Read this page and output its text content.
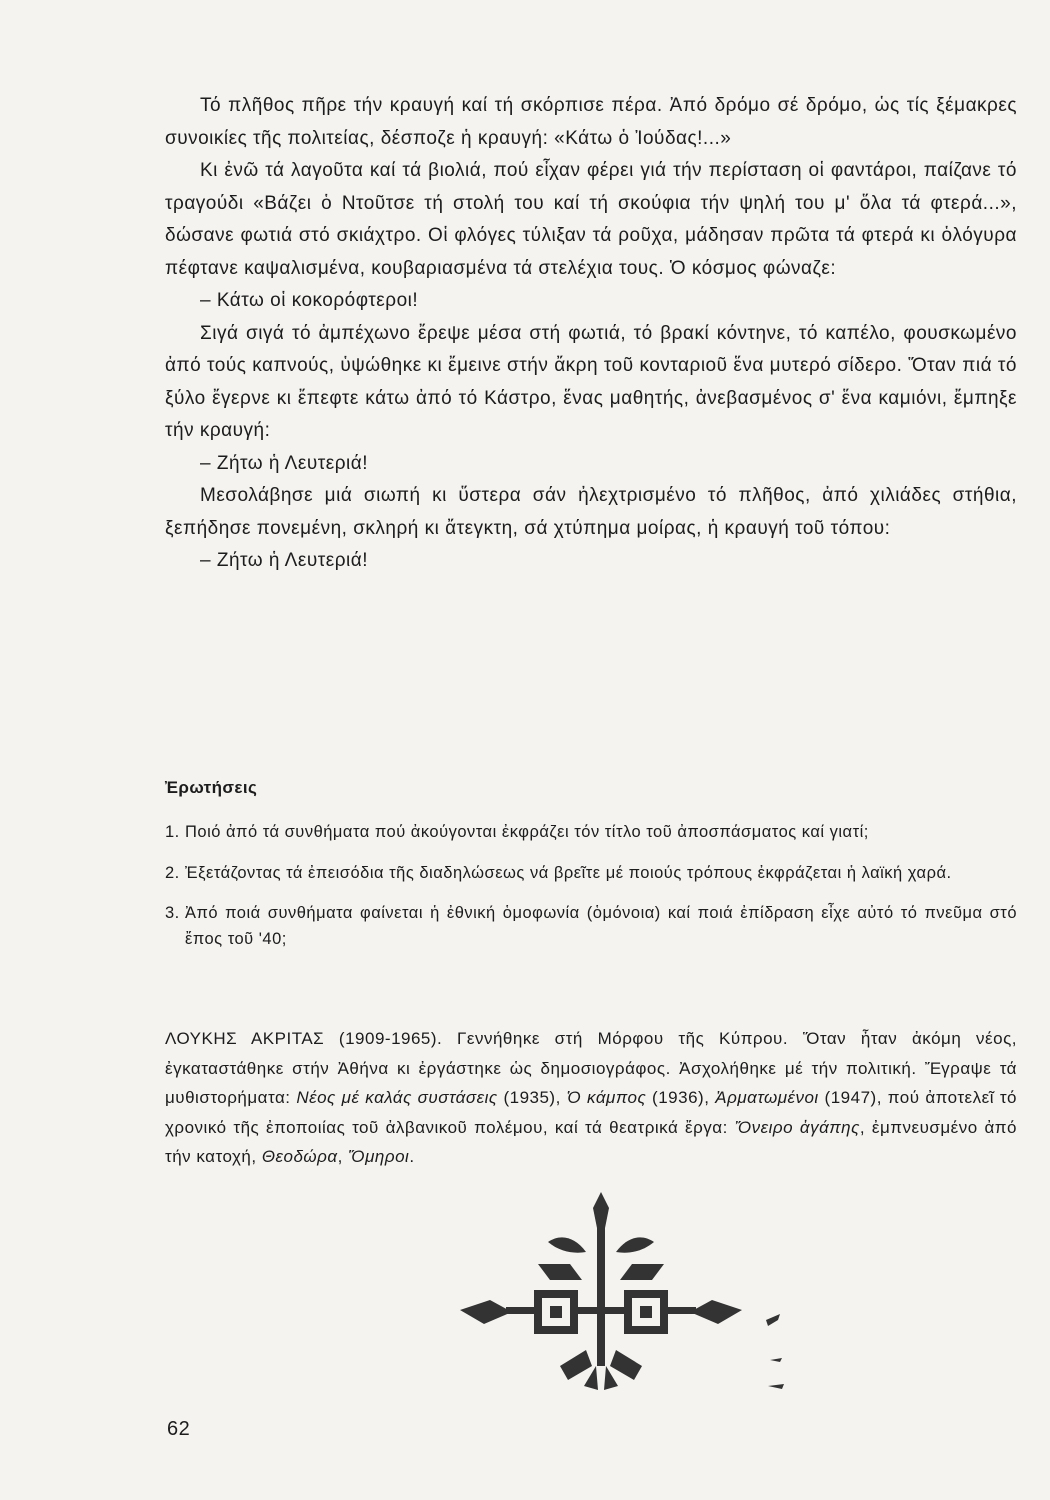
Τό πλῆθος πῆρε τήν κραυγή καί τή σκόρπισε πέρα. Ἀπό δρόμο σέ δρόμο, ὡς τίς ξέμακρες συνοικίες τῆς πολιτείας, δέσποζε ἡ κραυγή: «Κάτω ὁ Ἰούδας!...»

Κι ἐνῶ τά λαγοῦτα καί τά βιολιά, πού εἶχαν φέρει γιά τήν περίσταση οἱ φαντάροι, παίζανε τό τραγούδι «Βάζει ὁ Ντοῦτσε τή στολή του καί τή σκούφια τήν ψηλή του μ' ὅλα τά φτερά...», δώσανε φωτιά στό σκιάχτρο. Οἱ φλόγες τύλιξαν τά ροῦχα, μάδησαν πρῶτα τά φτερά κι ὁλόγυρα πέφτανε καψαλισμένα, κουβαριασμένα τά στελέχια τους. Ὁ κόσμος φώναζε:

– Κάτω οἱ κοκορόφτεροι!

Σιγά σιγά τό ἀμπέχωνο ἔρεψε μέσα στή φωτιά, τό βρακί κόντηνε, τό καπέλο, φουσκωμένο ἀπό τούς καπνούς, ὑψώθηκε κι ἔμεινε στήν ἄκρη τοῦ κονταριοῦ ἕνα μυτερό σίδερο. Ὅταν πιά τό ξύλο ἔγερνε κι ἔπεφτε κάτω ἀπό τό Κάστρο, ἕνας μαθητής, ἀνεβασμένος σ' ἕνα καμιόνι, ἔμπηξε τήν κραυγή:

– Ζήτω ἡ Λευτεριά!

Μεσολάβησε μιά σιωπή κι ὕστερα σάν ἠλεχτρισμένο τό πλῆθος, ἀπό χιλιάδες στήθια, ξεπήδησε πονεμένη, σκληρή κι ἄτεγκτη, σά χτύπημα μοίρας, ἡ κραυγή τοῦ τόπου:

– Ζήτω ἡ Λευτεριά!

Ἐρωτήσεις
1. Ποιό ἀπό τά συνθήματα πού ἀκούγονται ἐκφράζει τόν τίτλο τοῦ ἀποσπάσματος καί γιατί;
2. Ἐξετάζοντας τά ἐπεισόδια τῆς διαδηλώσεως νά βρεῖτε μέ ποιούς τρόπους ἐκφράζεται ἡ λαϊκή χαρά.
3. Ἀπό ποιά συνθήματα φαίνεται ἡ ἐθνική ὁμοφωνία (ὁμόνοια) καί ποιά ἐπίδραση εἶχε αὐτό τό πνεῦμα στό ἔπος τοῦ '40;
ΛΟΥΚΗΣ ΑΚΡΙΤΑΣ (1909-1965). Γεννήθηκε στή Μόρφου τῆς Κύπρου. Ὅταν ἦταν ἀκόμη νέος, ἐγκαταστάθηκε στήν Ἀθήνα κι ἐργάστηκε ὡς δημοσιογράφος. Ἀσχολήθηκε μέ τήν πολιτική. Ἔγραψε τά μυθιστορήματα: Νέος μέ καλάς συστάσεις (1935), Ὁ κάμπος (1936), Ἀρματωμένοι (1947), πού ἀποτελεῖ τό χρονικό τῆς ἐποποιίας τοῦ ἀλβανικοῦ πολέμου, καί τά θεατρικά ἔργα: Ὄνειρο ἀγάπης, ἐμπνευσμένο ἀπό τήν κατοχή, Θεοδώρα, Ὅμηροι.
62
